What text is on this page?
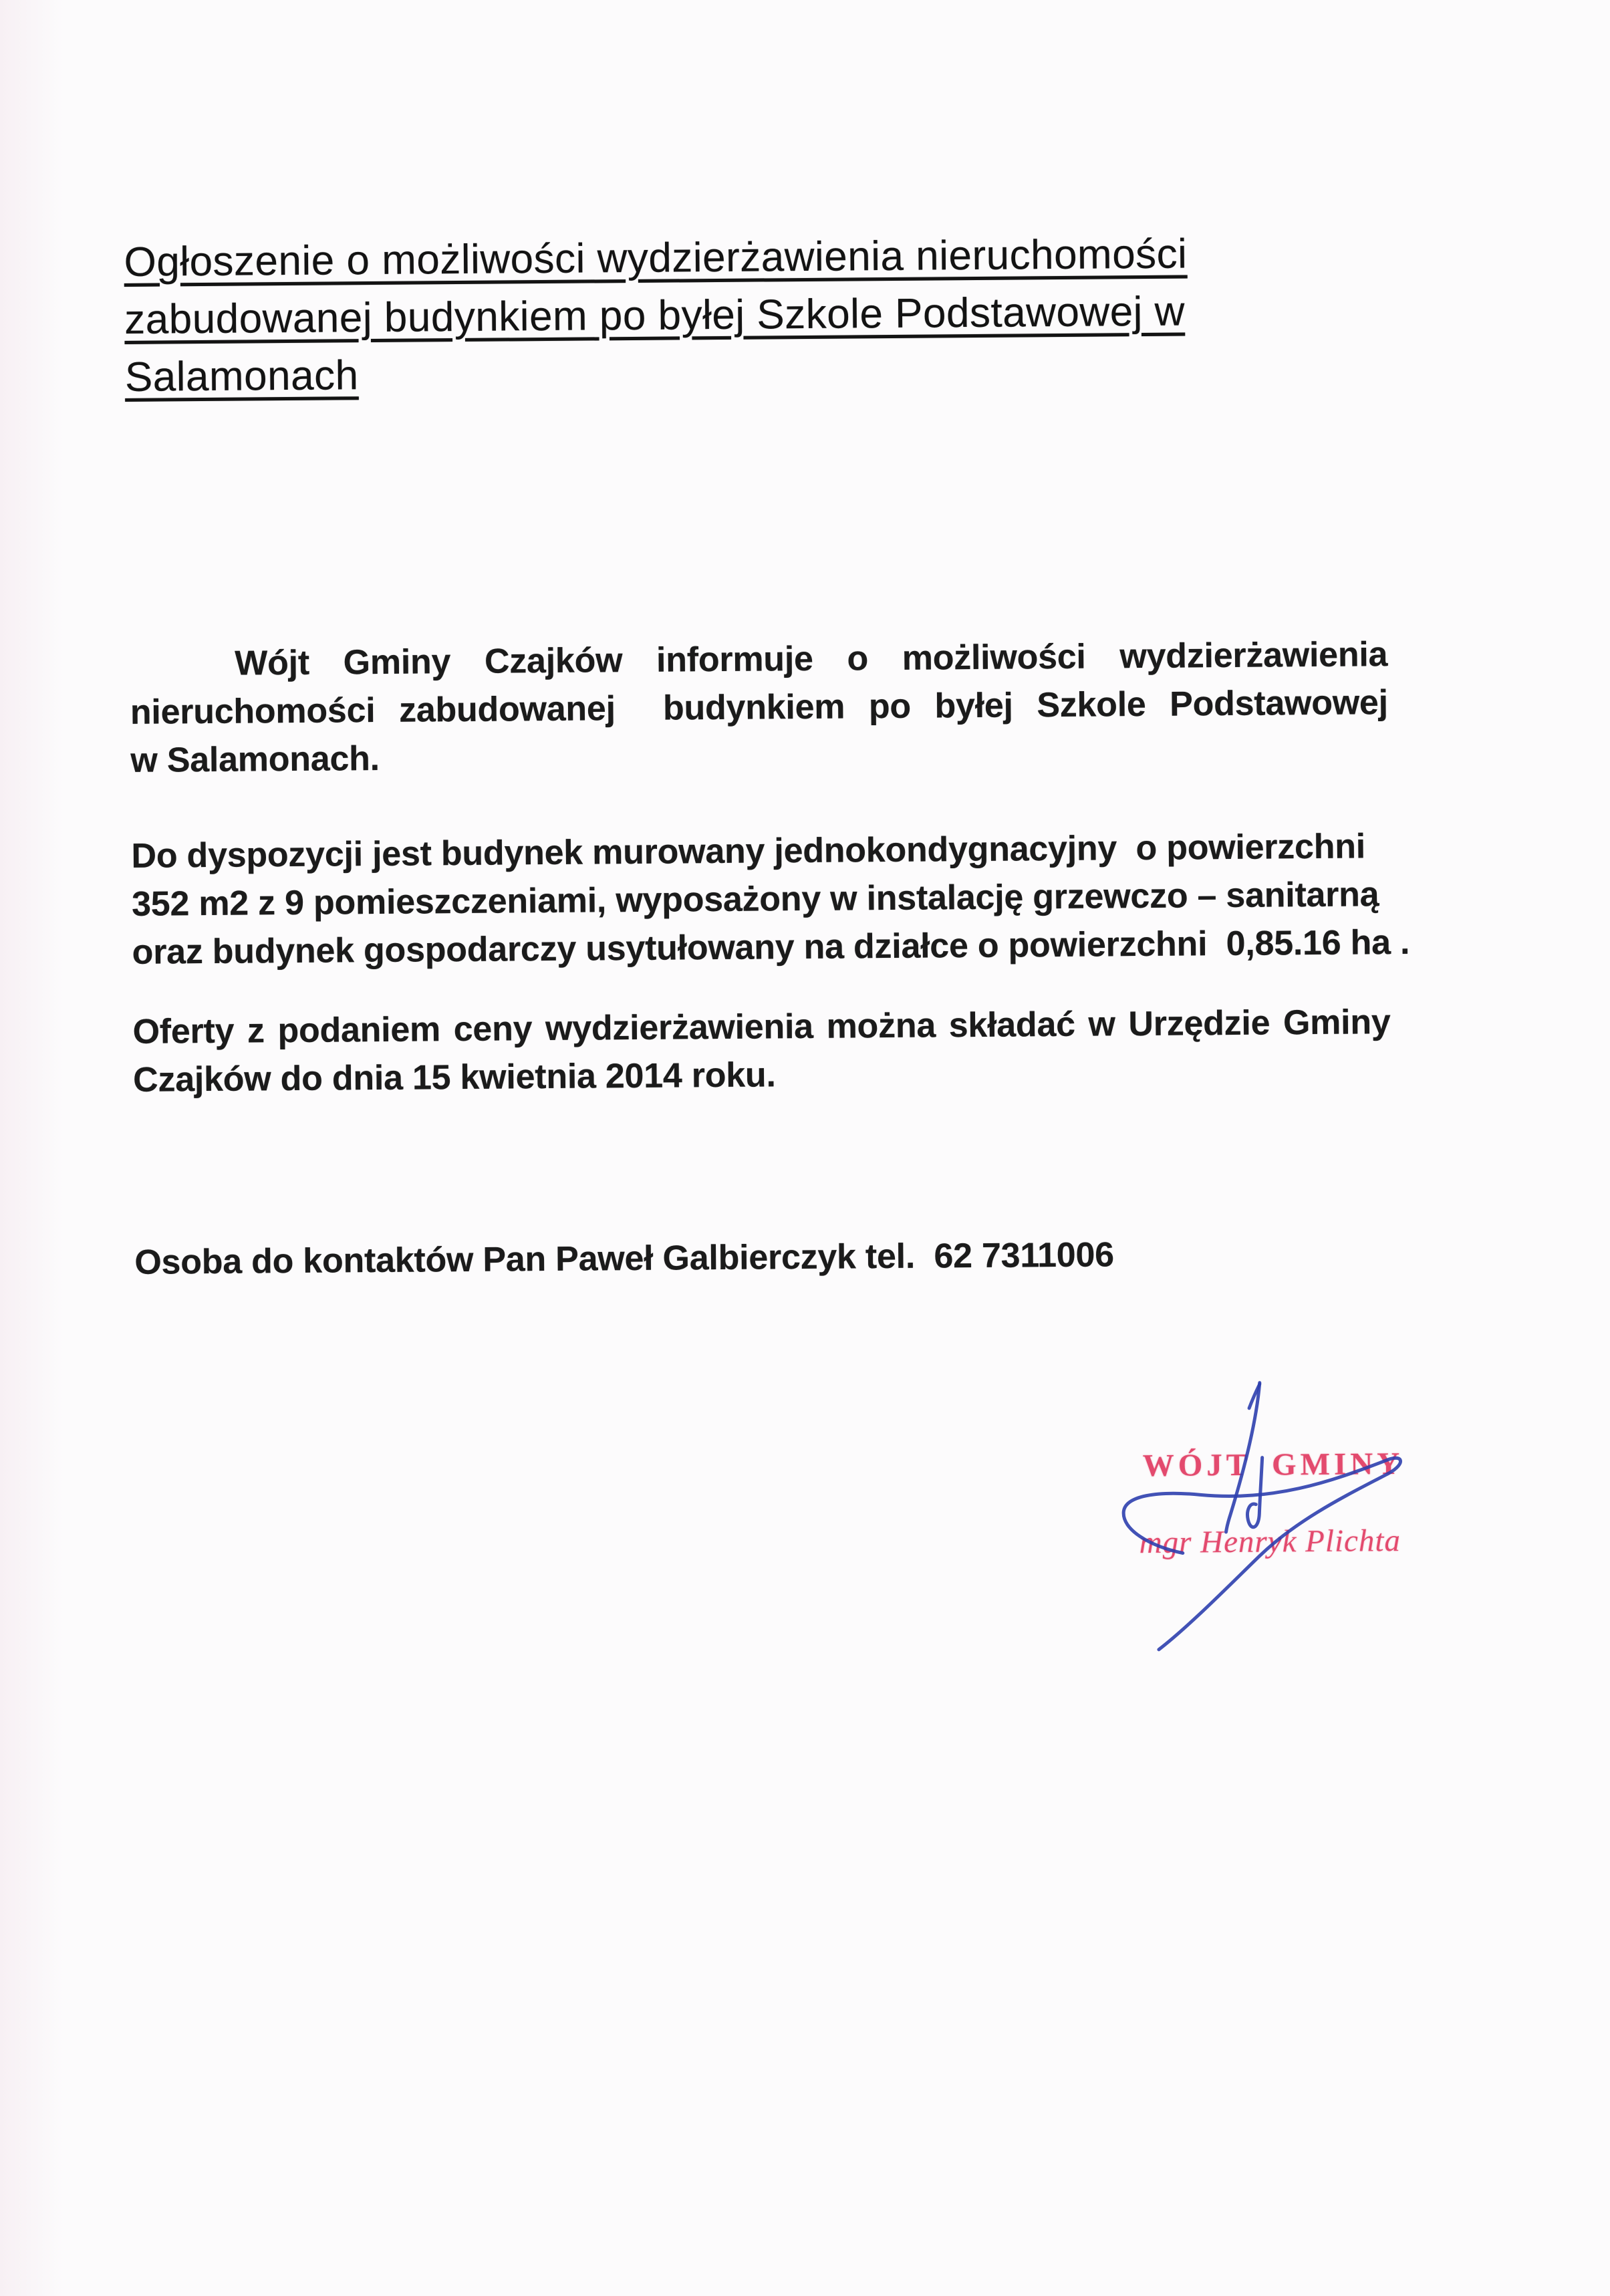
Ogłoszenie o możliwości wydzierżawienia nieruchomości
zabudowanej budynkiem po byłej Szkole Podstawowej w
Salamonach
Wójt Gminy Czajków informuje o możliwości wydzierżawienia
nieruchomości zabudowanej  budynkiem po byłej Szkole Podstawowej
w Salamonach.
Do dyspozycji jest budynek murowany jednokondygnacyjny  o powierzchni
352 m2 z 9 pomieszczeniami, wyposażony w instalację grzewczo – sanitarną
oraz budynek gospodarczy usytułowany na działce o powierzchni  0,85.16 ha .
Oferty z podaniem ceny wydzierżawienia można składać w Urzędzie Gminy
Czajków do dnia 15 kwietnia 2014 roku.
Osoba do kontaktów Pan Paweł Galbierczyk tel.  62 7311006
WÓJT GMINY
mgr Henryk Plichta
